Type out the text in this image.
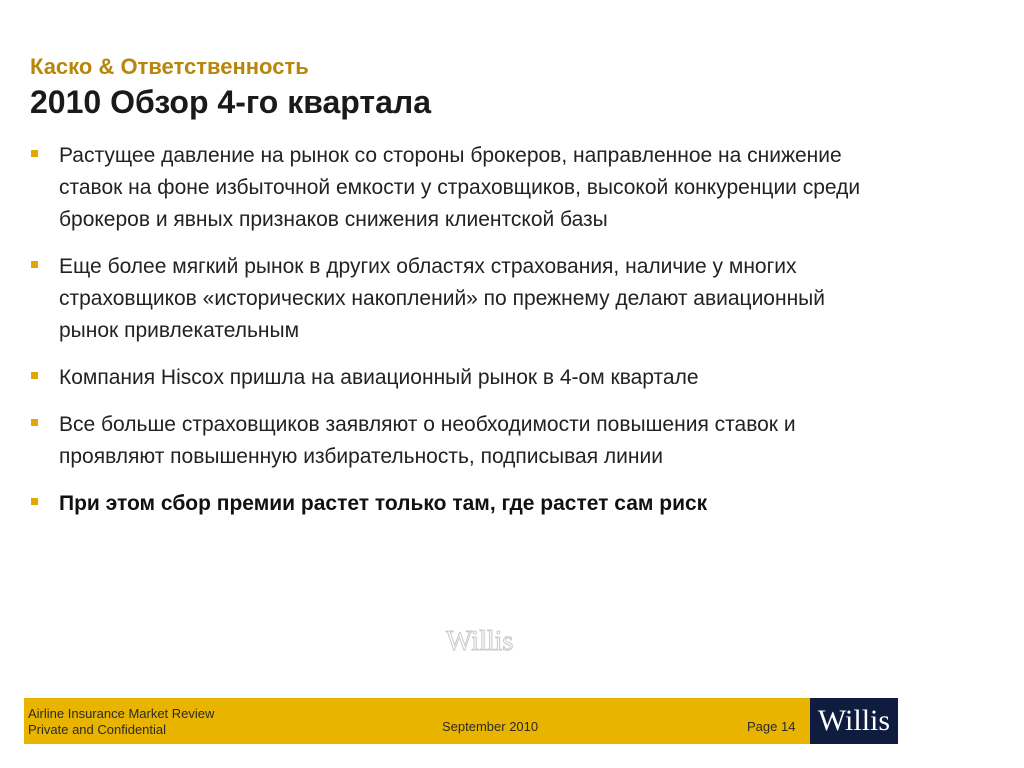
Каско & Ответственность
2010 Обзор 4-го квартала
Растущее давление на рынок со стороны брокеров, направленное на снижение ставок на фоне избыточной емкости у страховщиков, высокой конкуренции среди брокеров и явных признаков снижения клиентской базы
Еще более мягкий рынок в других областях страхования, наличие у многих страховщиков «исторических накоплений» по прежнему делают авиационный рынок привлекательным
Компания Hiscox пришла на авиационный рынок в 4-ом квартале
Все больше страховщиков заявляют о необходимости повышения ставок и проявляют повышенную избирательность, подписывая линии
При этом сбор премии растет только там, где растет сам риск
Willis
Airline Insurance Market Review
Private and Confidential	September 2010	Page 14 Willis
